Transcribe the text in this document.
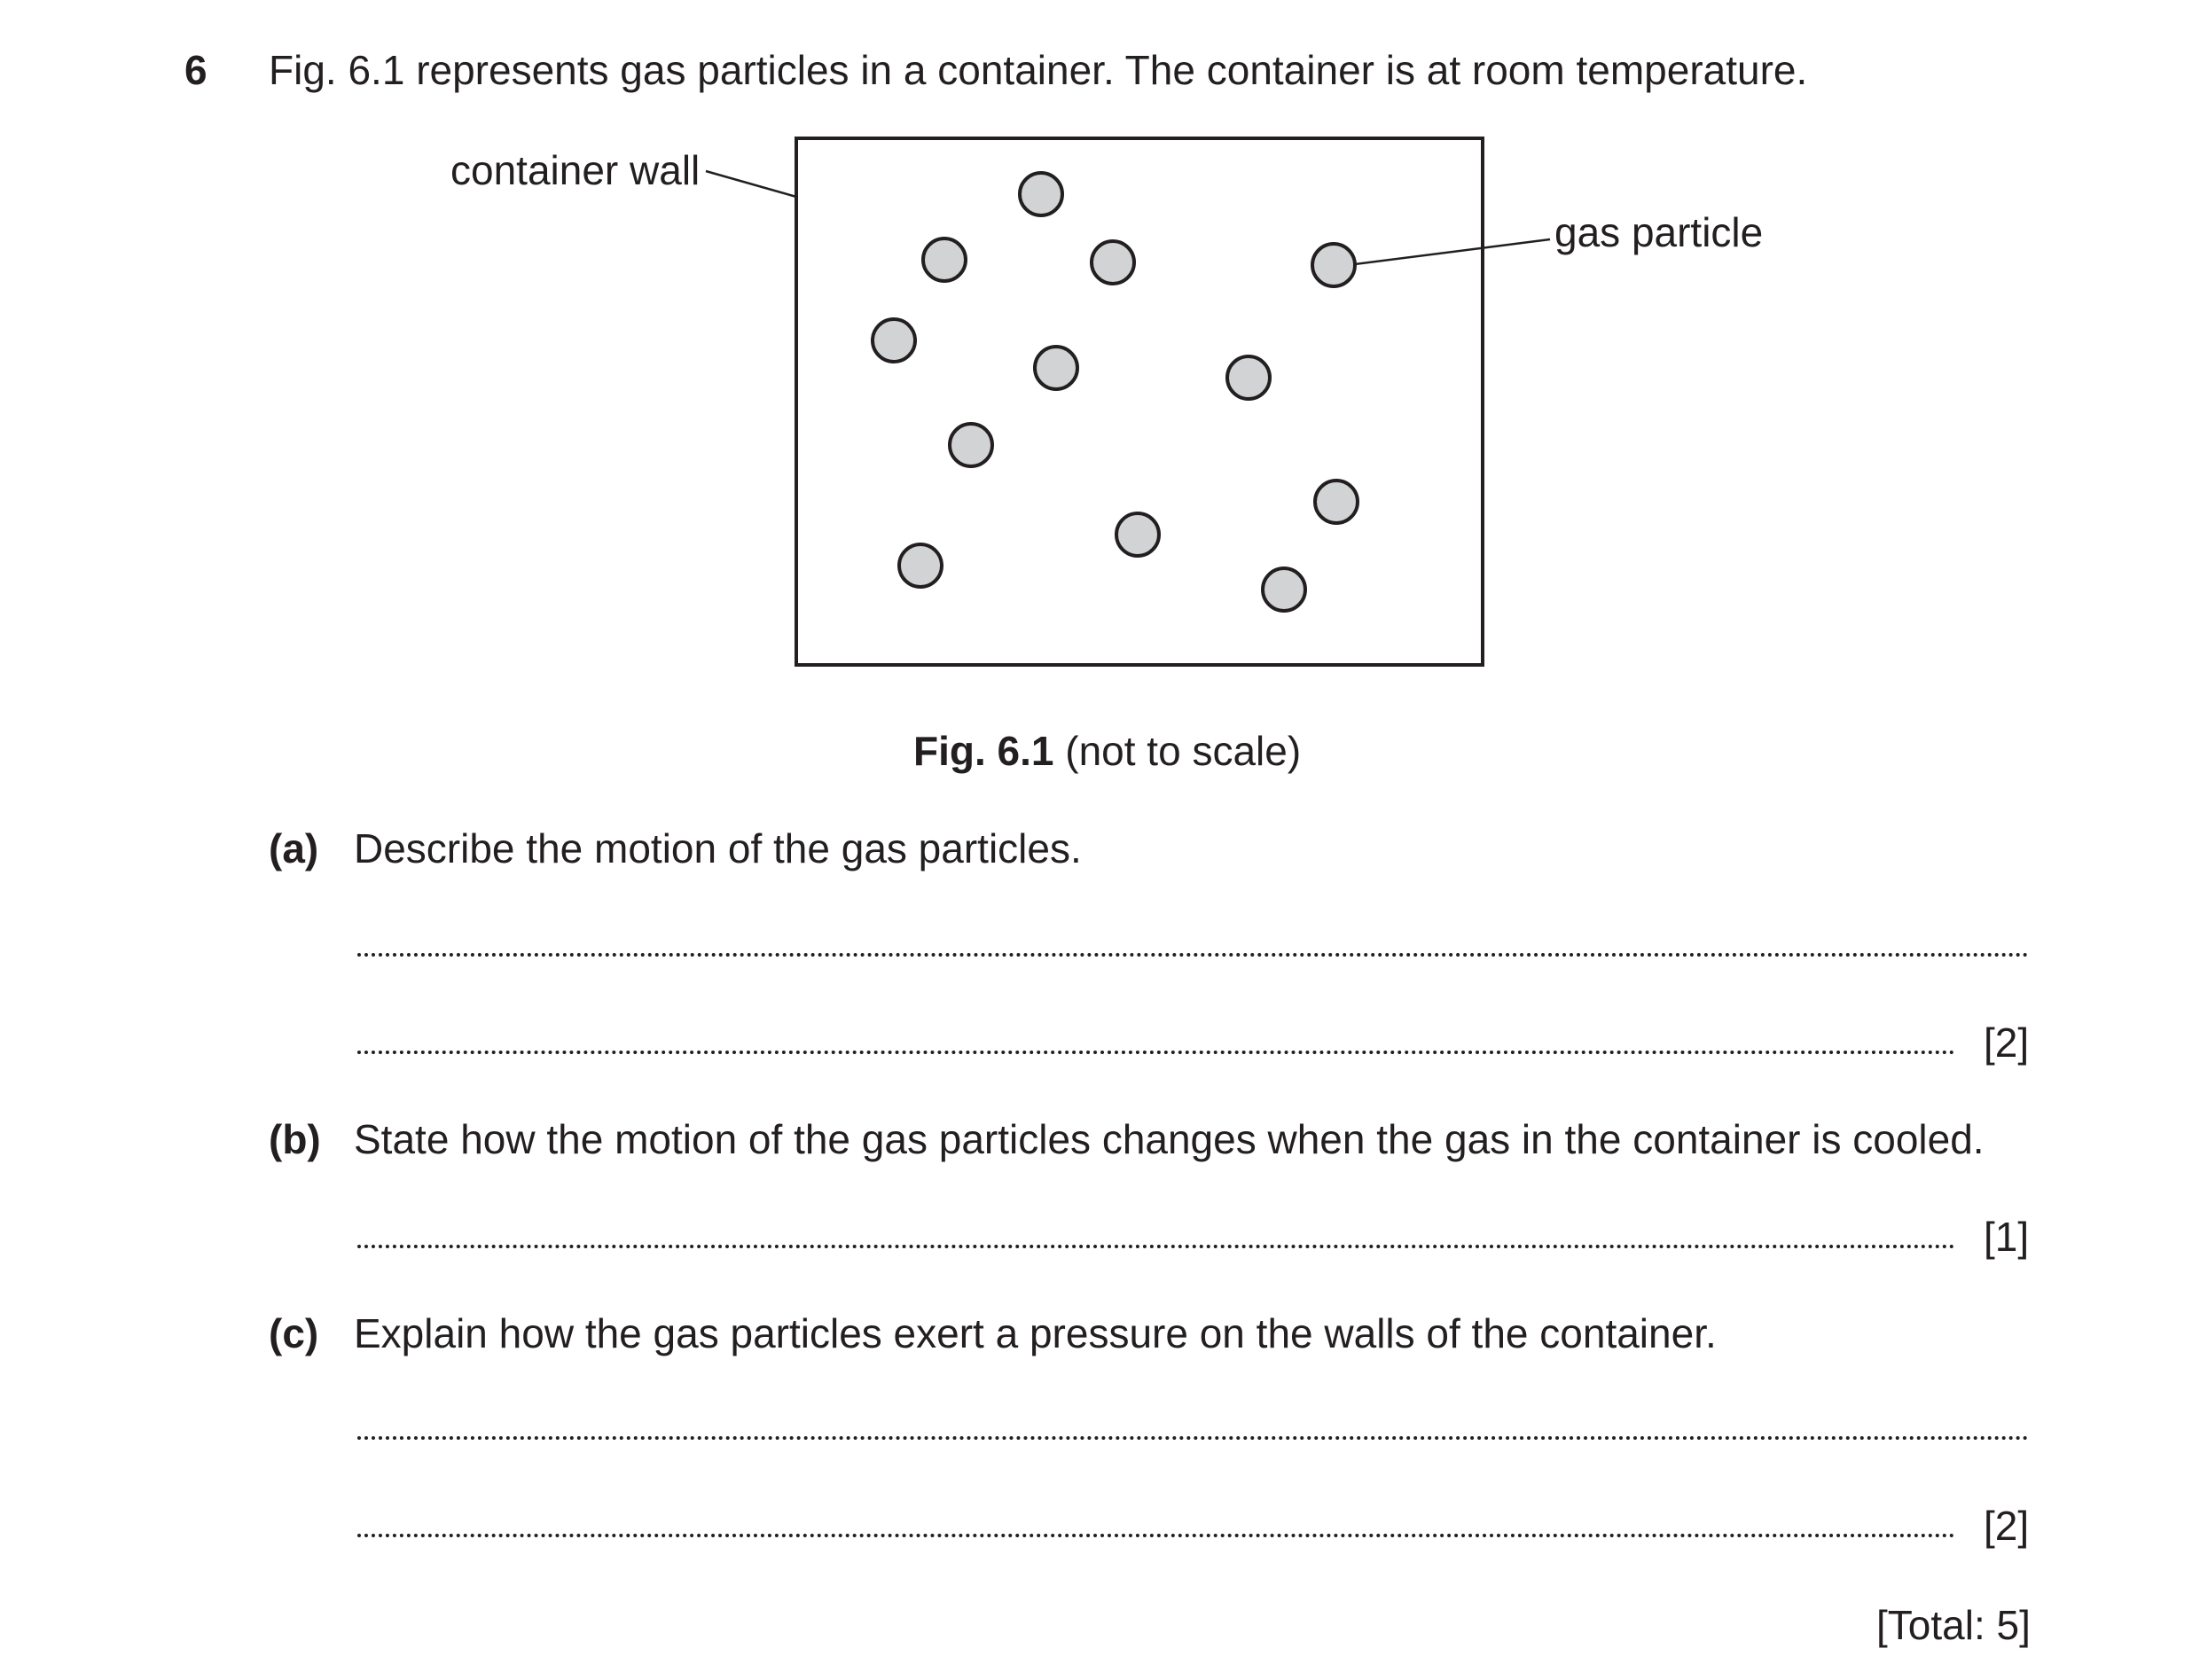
6 Fig. 6.1 represents gas particles in a container. The container is at room temperature.
container wall
gas particle
Fig. 6.1 (not to scale)
(a) Describe the motion of the gas particles.
[2]
(b) State how the motion of the gas particles changes when the gas in the container is cooled.
[1]
(c) Explain how the gas particles exert a pressure on the walls of the container.
[2]
[Total: 5]
